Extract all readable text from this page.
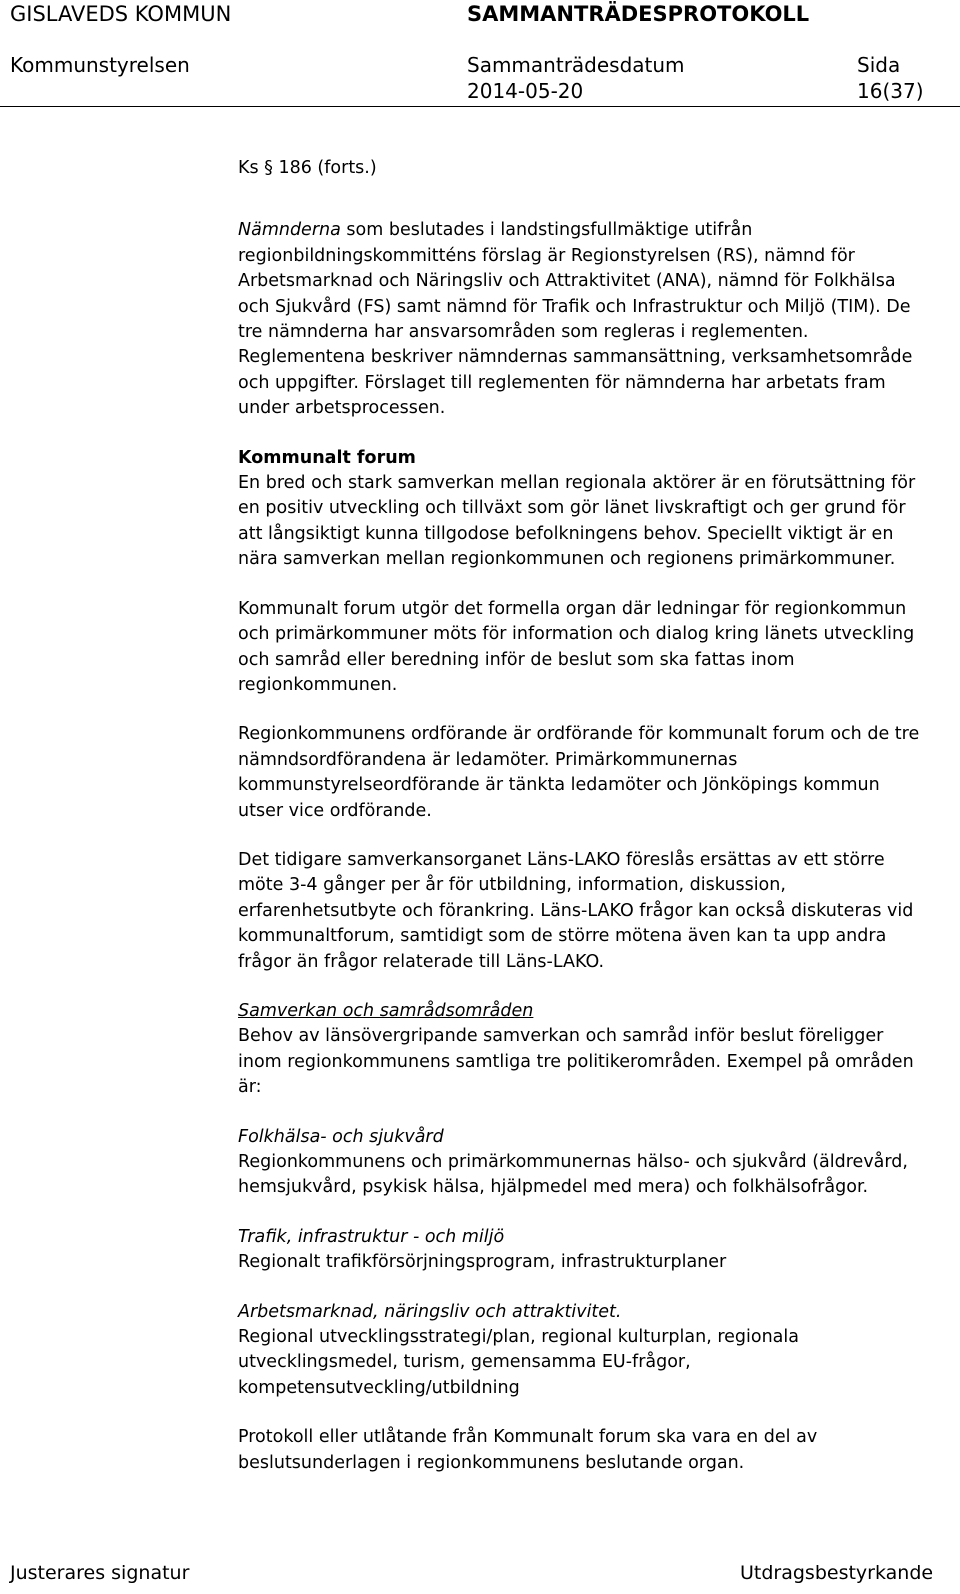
GISLAVEDS KOMMUN	SAMMANTRÄDESPROTOKOLL
Kommunstyrelsen	Sammanträdesdatum	Sida
2014-05-20	16(37)

Ks § 186 (forts.)

Nämnderna som beslutades i landstingsfullmäktige utifrån regionbildningskommitténs förslag är Regionstyrelsen (RS), nämnd för Arbetsmarknad och Näringsliv och Attraktivitet (ANA), nämnd för Folkhälsa och Sjukvård (FS) samt nämnd för Trafik och Infrastruktur och Miljö (TIM). De tre nämnderna har ansvarsområden som regleras i reglementen. Reglementena beskriver nämndernas sammansättning, verksamhetsområde och uppgifter. Förslaget till reglementen för nämnderna har arbetats fram under arbetsprocessen.

Kommunalt forum
En bred och stark samverkan mellan regionala aktörer är en förutsättning för en positiv utveckling och tillväxt som gör länet livskraftigt och ger grund för att långsiktigt kunna tillgodose befolkningens behov. Speciellt viktigt är en nära samverkan mellan regionkommunen och regionens primärkommuner.

Kommunalt forum utgör det formella organ där ledningar för regionkommun och primärkommuner möts för information och dialog kring länets utveckling och samråd eller beredning inför de beslut som ska fattas inom regionkommunen.

Regionkommunens ordförande är ordförande för kommunalt forum och de tre nämndsordförandena är ledamöter. Primärkommunernas kommunstyrelseordförande är tänkta ledamöter och Jönköpings kommun utser vice ordförande.

Det tidigare samverkansorganet Läns-LAKO föreslås ersättas av ett större möte 3-4 gånger per år för utbildning, information, diskussion, erfarenhetsutbyte och förankring. Läns-LAKO frågor kan också diskuteras vid kommunaltforum, samtidigt som de större mötena även kan ta upp andra frågor än frågor relaterade till Läns-LAKO.

Samverkan och samrådsområden
Behov av länsövergripande samverkan och samråd inför beslut föreligger inom regionkommunens samtliga tre politikerområden. Exempel på områden är:

Folkhälsa- och sjukvård
Regionkommunens och primärkommunernas hälso- och sjukvård (äldrevård, hemsjukvård, psykisk hälsa, hjälpmedel med mera) och folkhälsofrågor.

Trafik, infrastruktur - och miljö
Regionalt trafikförsörjningsprogram, infrastrukturplaner

Arbetsmarknad, näringsliv och attraktivitet.
Regional utvecklingsstrategi/plan, regional kulturplan, regionala utvecklingsmedel, turism, gemensamma EU-frågor, kompetensutveckling/utbildning

Protokoll eller utlåtande från Kommunalt forum ska vara en del av beslutsunderlagen i regionkommunens beslutande organ.

Justerares signatur	Utdragsbestyrkande
